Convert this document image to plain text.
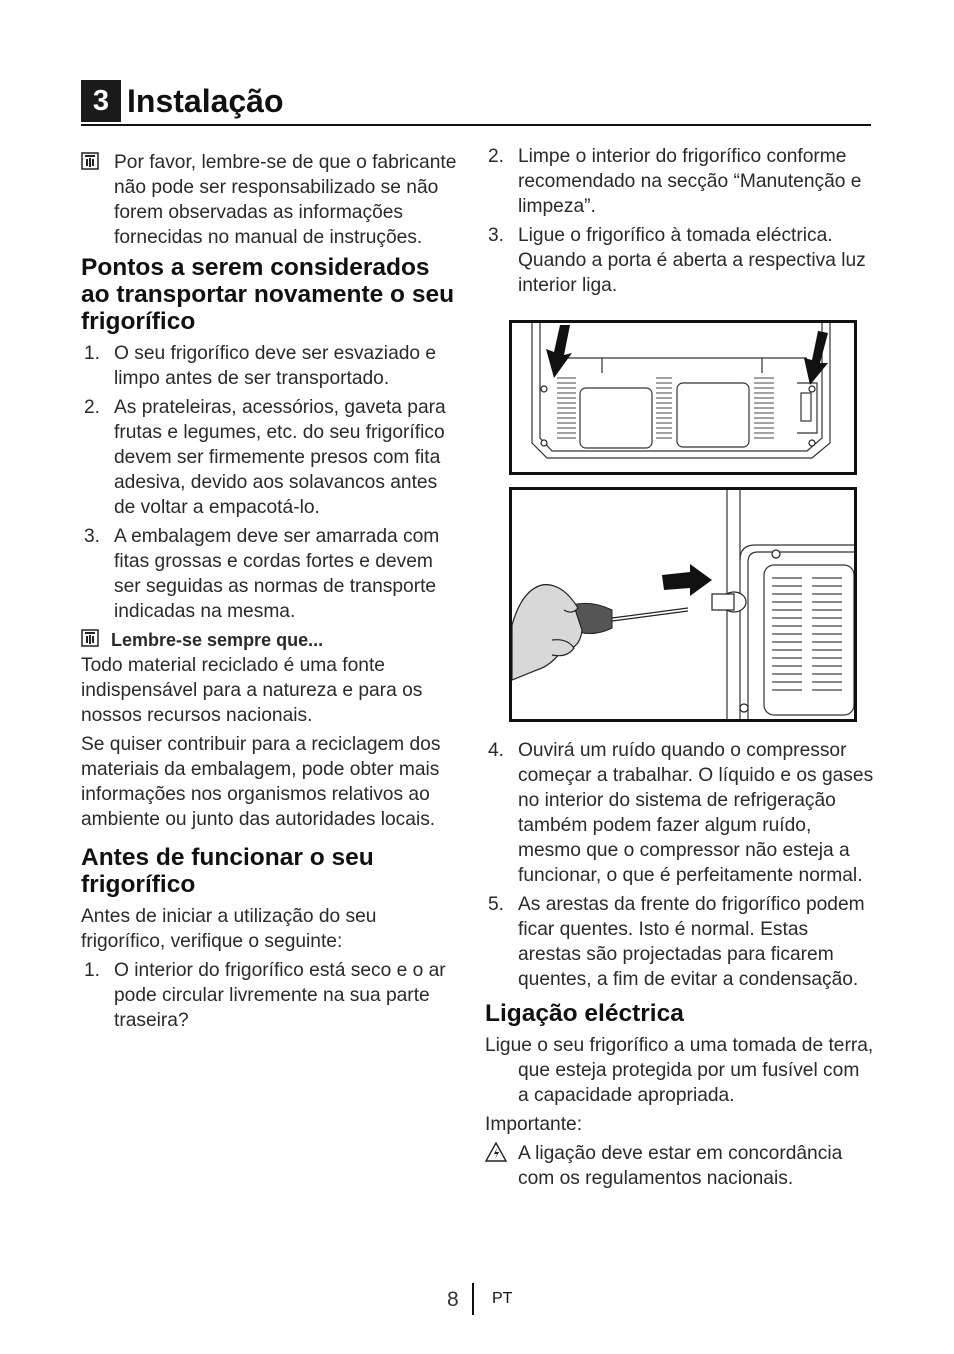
3 Instalação
Por favor, lembre-se de que o fabricante não pode ser responsabilizado se não forem observadas as informações fornecidas no manual de instruções.
Pontos a serem considerados ao transportar novamente o seu frigorífico
1. O seu frigorífico deve ser esvaziado e limpo antes de ser transportado.
2. As prateleiras, acessórios, gaveta para frutas e legumes, etc. do seu frigorífico devem ser firmemente presos com fita adesiva, devido aos solavancos antes de voltar a empacotá-lo.
3. A embalagem deve ser amarrada com fitas grossas e cordas fortes e devem ser seguidas as normas de transporte indicadas na mesma.
Lembre-se sempre que...

Todo material reciclado é uma fonte indispensável para a natureza e para os nossos recursos nacionais.

Se quiser contribuir para a reciclagem dos materiais da embalagem, pode obter mais informações nos organismos relativos ao ambiente ou junto das autoridades locais.

Antes de funcionar o seu frigorífico

Antes de iniciar a utilização do seu frigorífico, verifique o seguinte:

1. O interior do frigorífico está seco e o ar pode circular livremente na sua parte traseira?
2. Limpe o interior do frigorífico conforme recomendado na secção “Manutenção e limpeza”.
3. Ligue o frigorífico à tomada eléctrica. Quando a porta é aberta a respectiva luz interior liga.
4. Ouvirá um ruído quando o compressor começar a trabalhar. O líquido e os gases no interior do sistema de refrigeração também podem fazer algum ruído, mesmo que o compressor não esteja a funcionar, o que é perfeitamente normal.
5. As arestas da frente do frigorífico podem ficar quentes. Isto é normal. Estas arestas são projectadas para ficarem quentes, a fim de evitar a condensação.
Ligação eléctrica

Ligue o seu frigorífico a uma tomada de terra, que esteja protegida por um fusível com a capacidade apropriada.

Importante:

A ligação deve estar em concordância com os regulamentos nacionais.
8 PT
